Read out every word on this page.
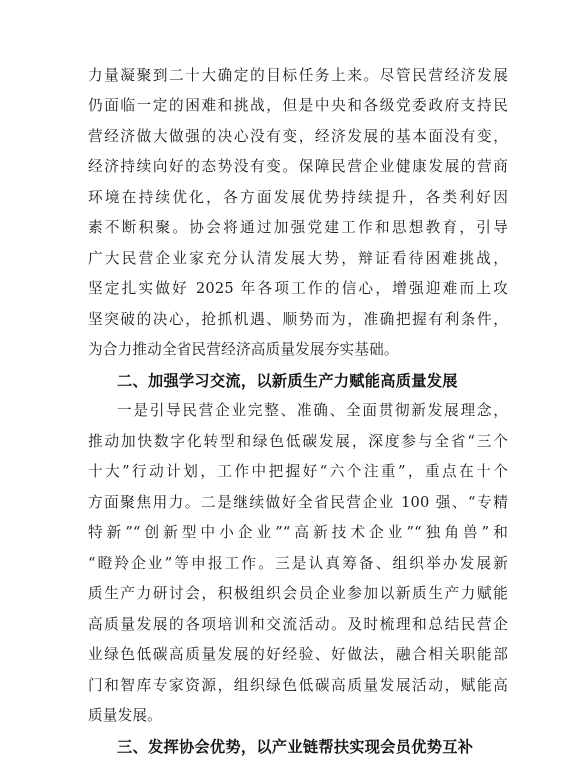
力量凝聚到二十大确定的目标任务上来。尽管民营经济发展
仍面临一定的困难和挑战，但是中央和各级党委政府支持民
营经济做大做强的决心没有变，经济发展的基本面没有变，
经济持续向好的态势没有变。保障民营企业健康发展的营商
环境在持续优化，各方面发展优势持续提升，各类利好因
素不断积聚。协会将通过加强党建工作和思想教育，引导
广大民营企业家充分认清发展大势，辩证看待困难挑战，
坚定扎实做好 2025 年各项工作的信心，增强迎难而上攻
坚突破的决心，抢抓机遇、顺势而为，准确把握有利条件，
为合力推动全省民营经济高质量发展夯实基础。
二、加强学习交流，以新质生产力赋能高质量发展
一是引导民营企业完整、准确、全面贯彻新发展理念，
推动加快数字化转型和绿色低碳发展，深度参与全省“三个
十大”行动计划，工作中把握好“六个注重”，重点在十个
方面聚焦用力。二是继续做好全省民营企业 100 强、“专精
特新”“创新型中小企业”“高新技术企业”“独角兽”和
“瞪羚企业”等申报工作。三是认真筹备、组织举办发展新
质生产力研讨会，积极组织会员企业参加以新质生产力赋能
高质量发展的各项培训和交流活动。及时梳理和总结民营企
业绿色低碳高质量发展的好经验、好做法，融合相关职能部
门和智库专家资源，组织绿色低碳高质量发展活动，赋能高
质量发展。
三、发挥协会优势，以产业链帮扶实现会员优势互补
